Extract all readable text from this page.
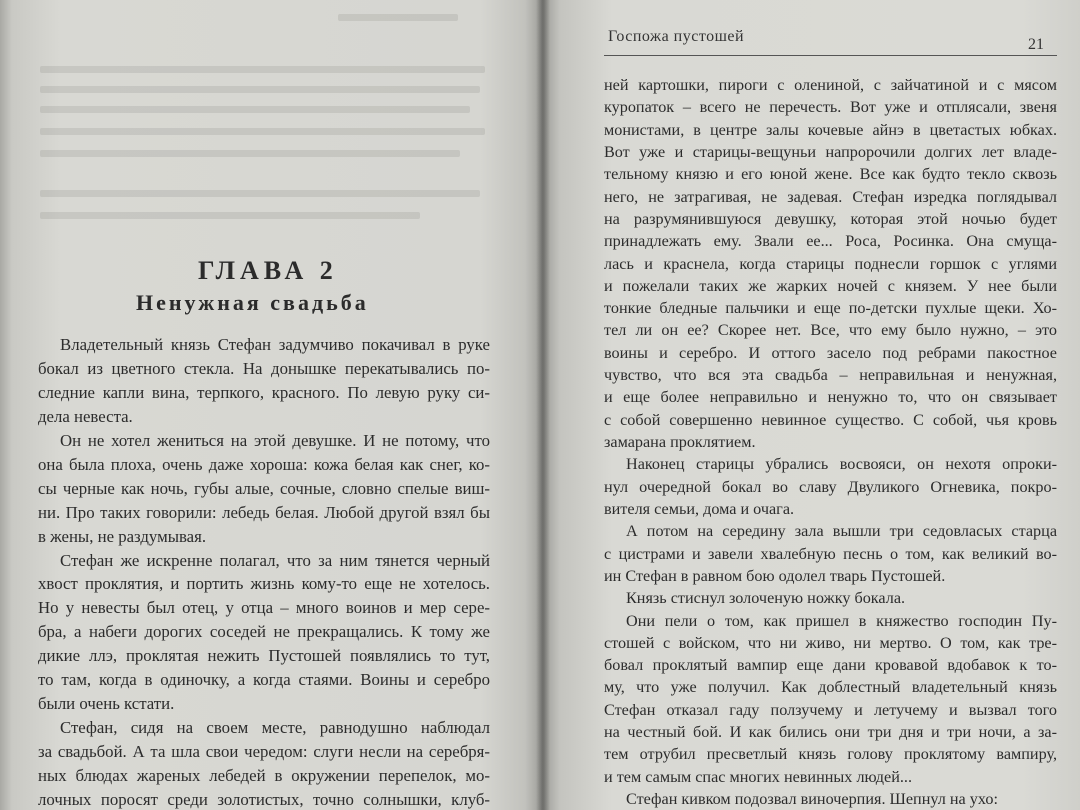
ГЛАВА 2
Ненужная свадьба
Владетельный князь Стефан задумчиво покачивал в руке
бокал из цветного стекла. На донышке перекатывались по-
следние капли вина, терпкого, красного. По левую руку си-
дела невеста.
Он не хотел жениться на этой девушке. И не потому, что
она была плоха, очень даже хороша: кожа белая как снег, ко-
сы черные как ночь, губы алые, сочные, словно спелые виш-
ни. Про таких говорили: лебедь белая. Любой другой взял бы
в жены, не раздумывая.
Стефан же искренне полагал, что за ним тянется черный
хвост проклятия, и портить жизнь кому-то еще не хотелось.
Но у невесты был отец, у отца – много воинов и мер сере-
бра, а набеги дорогих соседей не прекращались. К тому же
дикие ллэ, проклятая нежить Пустошей появлялись то тут,
то там, когда в одиночку, а когда стаями. Воины и серебро
были очень кстати.
Стефан, сидя на своем месте, равнодушно наблюдал
за свадьбой. А та шла свои чередом: слуги несли на серебря-
ных блюдах жареных лебедей в окружении перепелок, мо-
лочных поросят среди золотистых, точно солнышки, клуб-
Госпожа пустошей	21
ней картошки, пироги с олениной, с зайчатиной и с мясом
куропаток – всего не перечесть. Вот уже и отплясали, звеня
монистами, в центре залы кочевые айнэ в цветастых юбках.
Вот уже и старицы-вещуньи напророчили долгих лет владе-
тельному князю и его юной жене. Все как будто текло сквозь
него, не затрагивая, не задевая. Стефан изредка поглядывал
на разрумянившуюся девушку, которая этой ночью будет
принадлежать ему. Звали ее... Роса, Росинка. Она смуща-
лась и краснела, когда старицы поднесли горшок с углями
и пожелали таких же жарких ночей с князем. У нее были
тонкие бледные пальчики и еще по-детски пухлые щеки. Хо-
тел ли он ее? Скорее нет. Все, что ему было нужно, – это
воины и серебро. И оттого засело под ребрами пакостное
чувство, что вся эта свадьба – неправильная и ненужная,
и еще более неправильно и ненужно то, что он связывает
с собой совершенно невинное существо. С собой, чья кровь
замарана проклятием.
Наконец старицы убрались восвояси, он нехотя опроки-
нул очередной бокал во славу Двуликого Огневика, покро-
вителя семьи, дома и очага.
А потом на середину зала вышли три седовласых старца
с цистрами и завели хвалебную песнь о том, как великий во-
ин Стефан в равном бою одолел тварь Пустошей.
Князь стиснул золоченую ножку бокала.
Они пели о том, как пришел в княжество господин Пу-
стошей с войском, что ни живо, ни мертво. О том, как тре-
бовал проклятый вампир еще дани кровавой вдобавок к то-
му, что уже получил. Как доблестный владетельный князь
Стефан отказал гаду ползучему и летучему и вызвал того
на честный бой. И как бились они три дня и три ночи, а за-
тем отрубил пресветлый князь голову проклятому вампиру,
и тем самым спас многих невинных людей...
Стефан кивком подозвал виночерпия. Шепнул на ухо:
